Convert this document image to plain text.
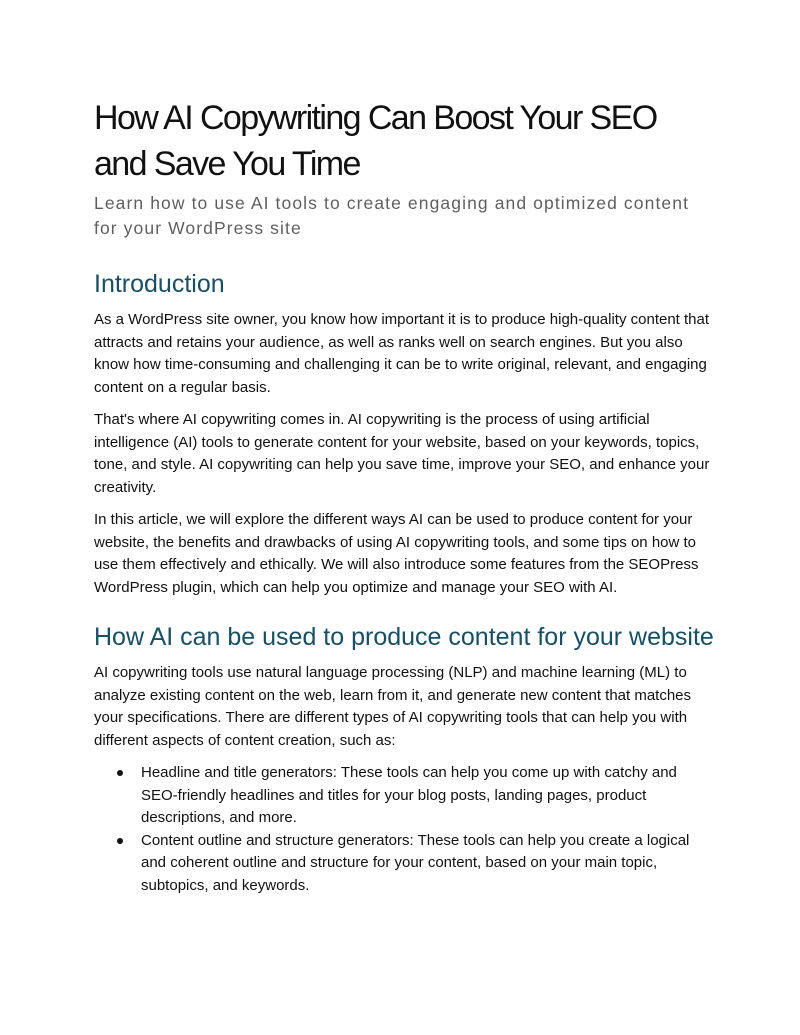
How AI Copywriting Can Boost Your SEO and Save You Time

Learn how to use AI tools to create engaging and optimized content for your WordPress site

Introduction

As a WordPress site owner, you know how important it is to produce high-quality content that attracts and retains your audience, as well as ranks well on search engines. But you also know how time-consuming and challenging it can be to write original, relevant, and engaging content on a regular basis.

That's where AI copywriting comes in. AI copywriting is the process of using artificial intelligence (AI) tools to generate content for your website, based on your keywords, topics, tone, and style. AI copywriting can help you save time, improve your SEO, and enhance your creativity.

In this article, we will explore the different ways AI can be used to produce content for your website, the benefits and drawbacks of using AI copywriting tools, and some tips on how to use them effectively and ethically. We will also introduce some features from the SEOPress WordPress plugin, which can help you optimize and manage your SEO with AI.

How AI can be used to produce content for your website

AI copywriting tools use natural language processing (NLP) and machine learning (ML) to analyze existing content on the web, learn from it, and generate new content that matches your specifications. There are different types of AI copywriting tools that can help you with different aspects of content creation, such as:

Headline and title generators: These tools can help you come up with catchy and SEO-friendly headlines and titles for your blog posts, landing pages, product descriptions, and more.
Content outline and structure generators: These tools can help you create a logical and coherent outline and structure for your content, based on your main topic, subtopics, and keywords.
